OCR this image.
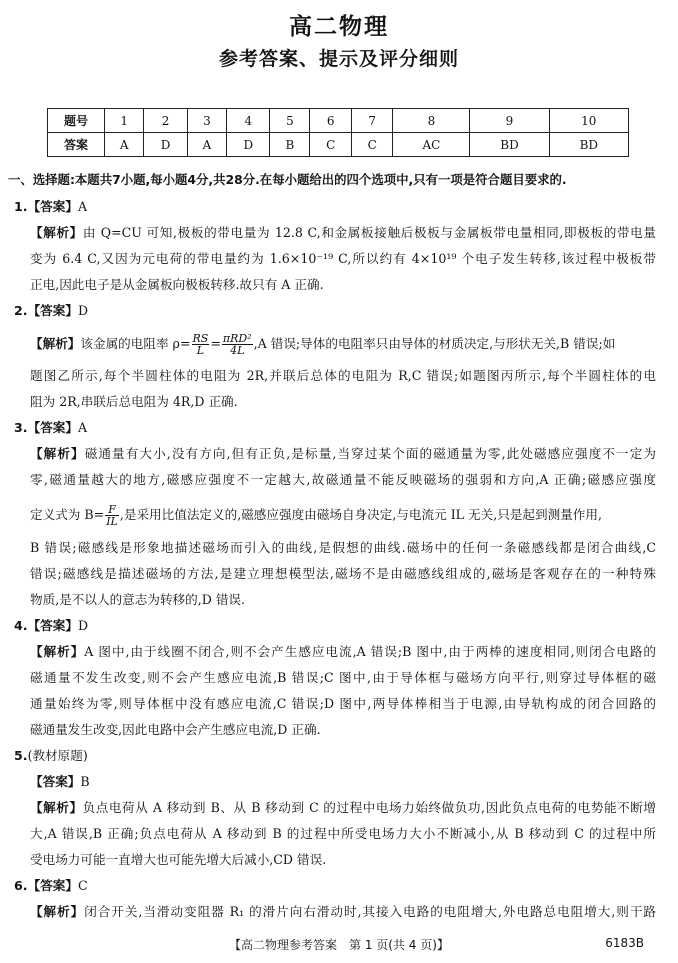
高二物理
参考答案、提示及评分细则
题号	1	2	3	4	5	6	7	8	9	10
答案	A	D	A	D	B	C	C	AC	BD	BD
一、选择题:本题共7小题,每小题4分,共28分.在每小题给出的四个选项中,只有一项是符合题目要求的.
1.【答案】A
【解析】由 Q=CU 可知,极板的带电量为 12.8 C,和金属板接触后极板与金属板带电量相同,即极板的带电量
变为 6.4 C,又因为元电荷的带电量约为 1.6×10⁻¹⁹ C,所以约有 4×10¹⁹ 个电子发生转移,该过程中极板带
正电,因此电子是从金属板向极板转移.故只有 A 正确.
2.【答案】D
【解析】该金属的电阻率 $\rho= \frac{RS}{L} = \frac{\text{πRD²}}{4L} ,A$ 错误;导体的电阻率只由导体的材质决定,与形状无关,B 错误;如
题图乙所示,每个半圆柱体的电阻为 2R,并联后总体的电阻为 R,C 错误;如题图丙所示,每个半圆柱体的电
阻为 2R,串联后总电阻为 4R,D 正确.
3.【答案】A
【解析】磁通量有大小,没有方向,但有正负,是标量,当穿过某个面的磁通量为零,此处磁感应强度不一定为
零,磁通量越大的地方,磁感应强度不一定越大,故磁通量不能反映磁场的强弱和方向,A 正确;磁感应强度
定义式为 $B= \frac{F}{IL}$ ,是采用比值法定义的,磁感应强度由磁场自身决定,与电流元 IL 无关,只是起到测量作用,
B 错误;磁感线是形象地描述磁场而引入的曲线,是假想的曲线.磁场中的任何一条磁感线都是闭合曲线,C
错误;磁感线是描述磁场的方法,是建立理想模型法,磁场不是由磁感线组成的,磁场是客观存在的一种特殊
物质,是不以人的意志为转移的,D 错误.
4.【答案】D
【解析】A 图中,由于线圈不闭合,则不会产生感应电流,A 错误;B 图中,由于两棒的速度相同,则闭合电路的
磁通量不发生改变,则不会产生感应电流,B 错误;C 图中,由于导体框与磁场方向平行,则穿过导体框的磁
通量始终为零,则导体框中没有感应电流,C 错误;D 图中,两导体棒相当于电源,由导轨构成的闭合回路的
磁通量发生改变,因此电路中会产生感应电流,D 正确.
5.(教材原题)
【答案】B
【解析】负点电荷从 A 移动到 B、从 B 移动到 C 的过程中电场力始终做负功,因此负点电荷的电势能不断增
大,A 错误,B 正确;负点电荷从 A 移动到 B 的过程中所受电场力大小不断减小,从 B 移动到 C 的过程中所
受电场力可能一直增大也可能先增大后减小,CD 错误.
6.【答案】C
【解析】闭合开关,当滑动变阻器 R₁ 的滑片向右滑动时,其接入电路的电阻增大,外电路总电阻增大,则干路
【高二物理参考答案　第 1 页(共 4 页)】	6183B
